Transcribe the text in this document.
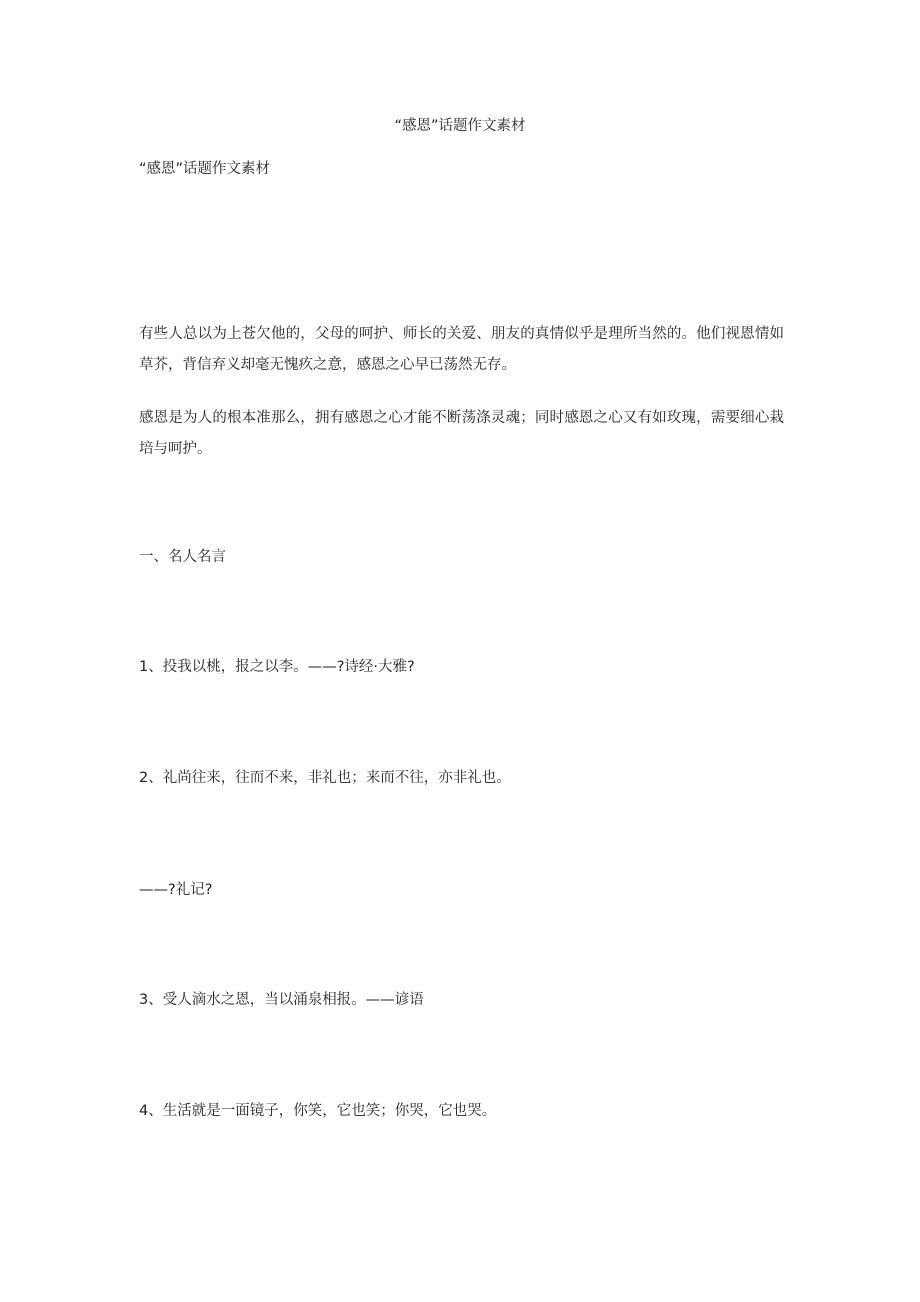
“感恩”话题作文素材

“感恩”话题作文素材

有些人总以为上苍欠他的，父母的呵护、师长的关爱、朋友的真情似乎是理所当然的。他们视恩情如草芥，背信弃义却毫无愧疚之意，感恩之心早已荡然无存。

感恩是为人的根本准那么，拥有感恩之心才能不断荡涤灵魂；同时感恩之心又有如玫瑰，需要细心栽培与呵护。

一、名人名言

1、投我以桃，报之以李。——?诗经·大雅?

2、礼尚往来，往而不来，非礼也；来而不往，亦非礼也。

——?礼记?

3、受人滴水之恩，当以涌泉相报。——谚语

4、生活就是一面镜子，你笑，它也笑；你哭，它也哭。
